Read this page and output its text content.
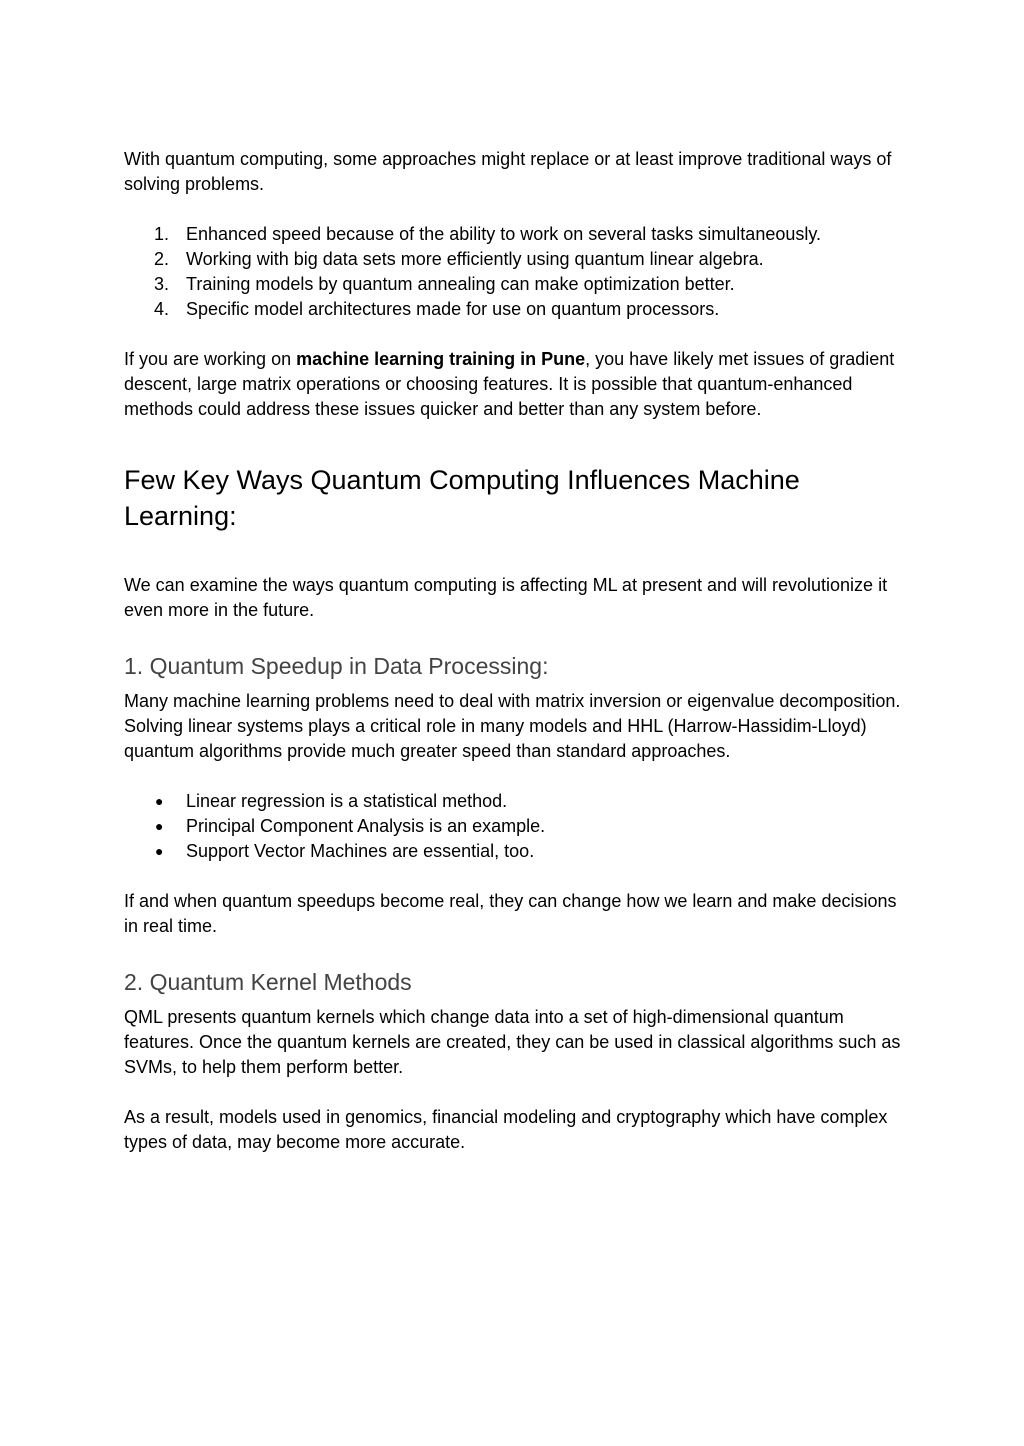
With quantum computing, some approaches might replace or at least improve traditional ways of solving problems.

1. Enhanced speed because of the ability to work on several tasks simultaneously.
2. Working with big data sets more efficiently using quantum linear algebra.
3. Training models by quantum annealing can make optimization better.
4. Specific model architectures made for use on quantum processors.

If you are working on machine learning training in Pune, you have likely met issues of gradient descent, large matrix operations or choosing features. It is possible that quantum-enhanced methods could address these issues quicker and better than any system before.

Few Key Ways Quantum Computing Influences Machine Learning:

We can examine the ways quantum computing is affecting ML at present and will revolutionize it even more in the future.

1. Quantum Speedup in Data Processing:

Many machine learning problems need to deal with matrix inversion or eigenvalue decomposition. Solving linear systems plays a critical role in many models and HHL (Harrow-Hassidim-Lloyd) quantum algorithms provide much greater speed than standard approaches.

●	Linear regression is a statistical method.
●	Principal Component Analysis is an example.
●	Support Vector Machines are essential, too.

If and when quantum speedups become real, they can change how we learn and make decisions in real time.

2. Quantum Kernel Methods

QML presents quantum kernels which change data into a set of high-dimensional quantum features. Once the quantum kernels are created, they can be used in classical algorithms such as SVMs, to help them perform better.

As a result, models used in genomics, financial modeling and cryptography which have complex types of data, may become more accurate.
